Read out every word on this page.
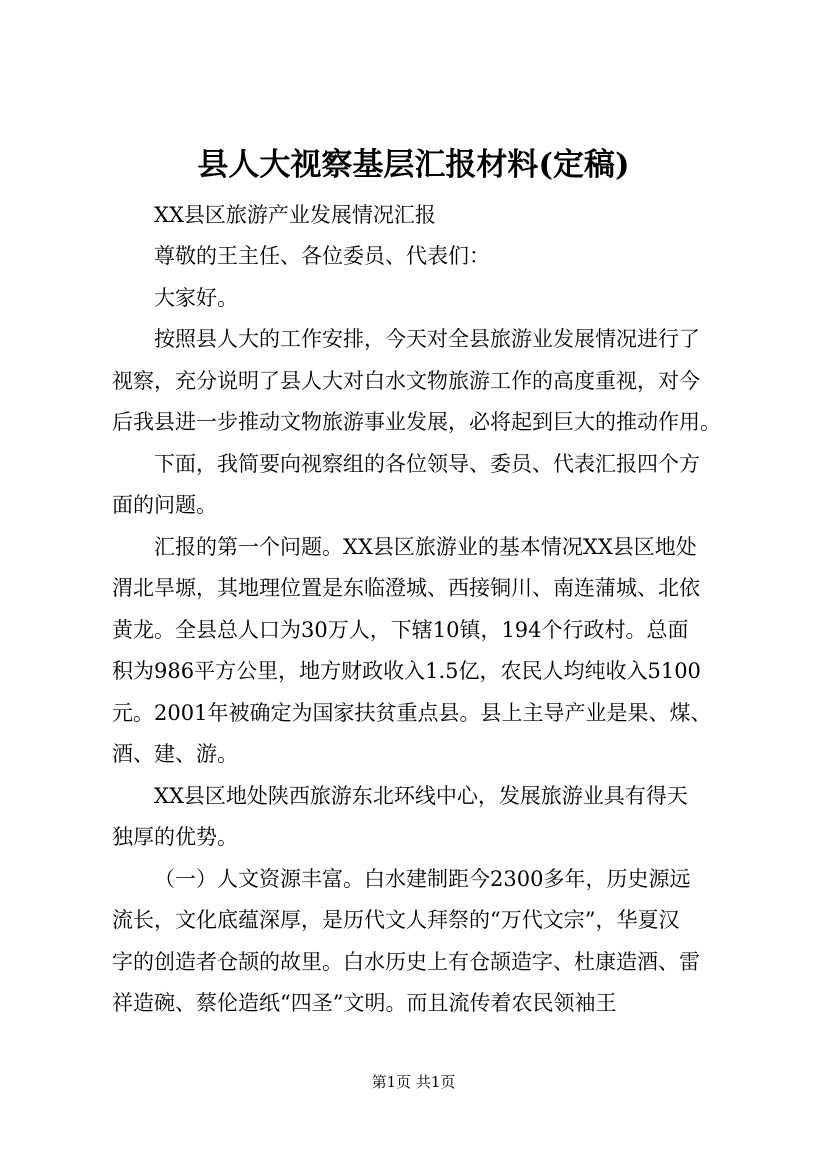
县人大视察基层汇报材料(定稿)
XX县区旅游产业发展情况汇报
尊敬的王主任、各位委员、代表们：
大家好。
按照县人大的工作安排，今天对全县旅游业发展情况进行了
视察，充分说明了县人大对白水文物旅游工作的高度重视，对今
后我县进一步推动文物旅游事业发展，必将起到巨大的推动作用。
下面，我简要向视察组的各位领导、委员、代表汇报四个方
面的问题。
汇报的第一个问题。XX县区旅游业的基本情况XX县区地处
渭北旱塬，其地理位置是东临澄城、西接铜川、南连蒲城、北依
黄龙。全县总人口为30万人，下辖10镇，194个行政村。总面
积为986平方公里，地方财政收入1.5亿，农民人均纯收入5100
元。2001年被确定为国家扶贫重点县。县上主导产业是果、煤、
酒、建、游。
XX县区地处陕西旅游东北环线中心，发展旅游业具有得天
独厚的优势。
（一）人文资源丰富。白水建制距今2300多年，历史源远
流长，文化底蕴深厚，是历代文人拜祭的“万代文宗”，华夏汉
字的创造者仓颉的故里。白水历史上有仓颉造字、杜康造酒、雷
祥造碗、蔡伦造纸“四圣”文明。而且流传着农民领袖王
第1页 共1页
